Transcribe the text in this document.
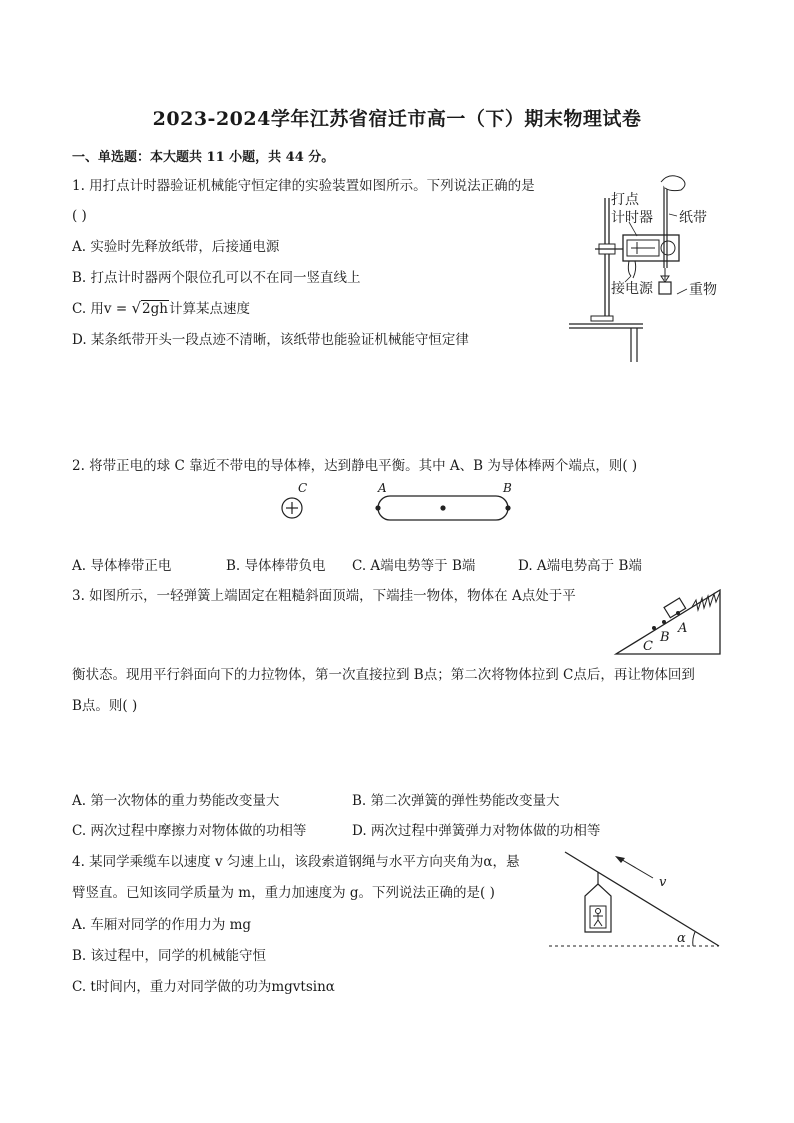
2023-2024学年江苏省宿迁市高一（下）期末物理试卷
一、单选题：本大题共 11 小题，共 44 分。
1. 用打点计时器验证机械能守恒定律的实验装置如图所示。下列说法正确的是
( )
A. 实验时先释放纸带，后接通电源
B. 打点计时器两个限位孔可以不在同一竖直线上
C. 用v = √2gh计算某点速度
D. 某条纸带开头一段点迹不清晰，该纸带也能验证机械能守恒定律
打点
计时器 纸带
接电源	重物
2. 将带正电的球 C 靠近不带电的导体棒，达到静电平衡。其中 A、B 为导体棒两个端点，则( )
C	A	B
A. 导体棒带正电	B. 导体棒带负电 C. A端电势等于 B端	D. A端电势高于 B端
3. 如图所示，一轻弹簧上端固定在粗糙斜面顶端，下端挂一物体，物体在 A点处于平
A
B
C
衡状态。现用平行斜面向下的力拉物体，第一次直接拉到 B点；第二次将物体拉到 C点后，再让物体回到
B点。则( )
A. 第一次物体的重力势能改变量大	B. 第二次弹簧的弹性势能改变量大
C. 两次过程中摩擦力对物体做的功相等	D. 两次过程中弹簧弹力对物体做的功相等
4. 某同学乘缆车以速度 v 匀速上山，该段索道钢绳与水平方向夹角为α，悬
臂竖直。已知该同学质量为 m，重力加速度为 g。下列说法正确的是( )
A. 车厢对同学的作用力为 mg
B. 该过程中，同学的机械能守恒
C. t时间内，重力对同学做的功为mgvtsinα
v
α
